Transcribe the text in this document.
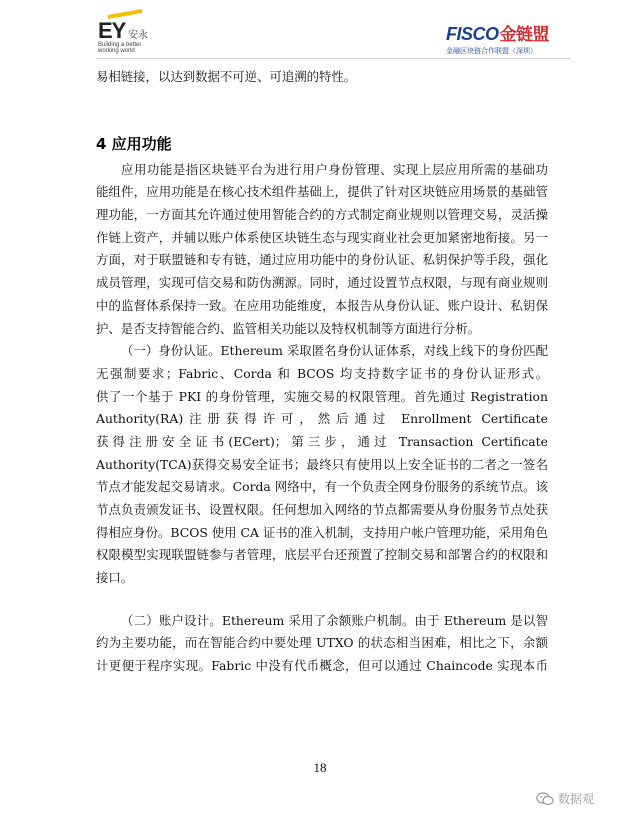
EY 安永
Building a better working world
FISCO金链盟
金融区块链合作联盟（深圳）

易相链接，以达到数据不可逆、可追溯的特性。

4 应用功能

应用功能是指区块链平台为进行用户身份管理、实现上层应用所需的基础功

能组件，应用功能是在核心技术组件基础上，提供了针对区块链应用场景的基础管

理功能，一方面其允许通过使用智能合约的方式制定商业规则以管理交易，灵活操

作链上资产，并辅以账户体系使区块链生态与现实商业社会更加紧密地衔接。另一

方面，对于联盟链和专有链，通过应用功能中的身份认证、私钥保护等手段，强化

成员管理，实现可信交易和防伪溯源。同时，通过设置节点权限，与现有商业规则

中的监督体系保持一致。在应用功能维度，本报告从身份认证、账户设计、私钥保

护、是否支持智能合约、监管相关功能以及特权机制等方面进行分析。

（一）身份认证。Ethereum 采取匿名身份认证体系，对线上线下的身份匹配

无强制要求；Fabric、Corda 和 BCOS 均支持数字证书的身份认证形式。

供了一个基于 PKI 的身份管理，实施交易的权限管理。首先通过 Registration

Authority(RA)注册获得许可，然后通过 Enrollment Certificate

获得注册安全证书(ECert)；第三步，通过 Transaction Certificate

Authority(TCA)获得交易安全证书；最终只有使用以上安全证书的二者之一签名

节点才能发起交易请求。Corda 网络中，有一个负责全网身份服务的系统节点。该

节点负责颁发证书、设置权限。任何想加入网络的节点都需要从身份服务节点处获

得相应身份。BCOS 使用 CA 证书的准入机制，支持用户帐户管理功能，采用角色

权限模型实现联盟链参与者管理，底层平台还预置了控制交易和部署合约的权限和

接口。

（二）账户设计。Ethereum 采用了余额账户机制。由于 Ethereum 是以智

约为主要功能，而在智能合约中要处理 UTXO 的状态相当困难，相比之下，余额

计更便于程序实现。Fabric 中没有代币概念，但可以通过 Chaincode 实现本币

18
数据观
